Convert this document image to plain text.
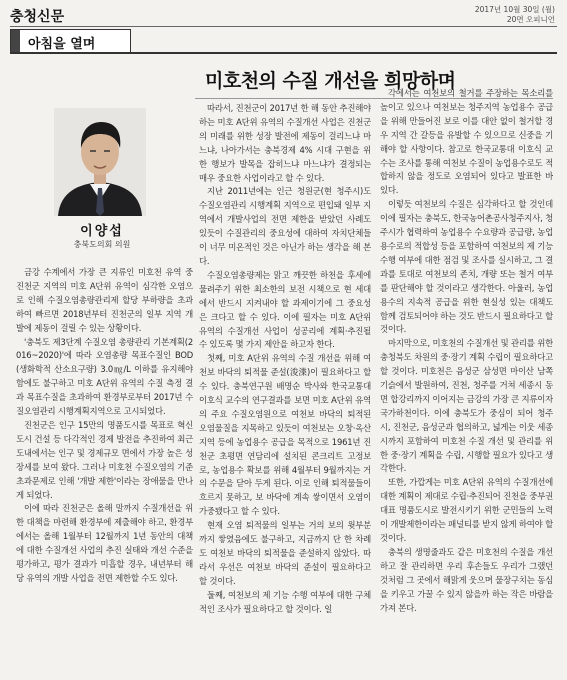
충청신문	2017년 10월 30일 (월)
20면 오피니언
아침을 열며
미호천의 수질 개선을 희망하며
이양섭
충북도의회 의원

금강 수계에서 가장 큰 지류인 미호천 유역 중 진천군 지역의 미호 A단위 유역이 심각한 오염으로 인해 수질오염총량관리제 할당 부하량을 초과하여 빠르면 2018년부터 진천군의 일부 지역 개발에 제동이 걸릴 수 있는 상황이다.

'충북도 제3단계 수질오염 총량관리 기본계획(2016~2020)'에 따라 오염총량 목표수질인 BOD(생화학적 산소요구량) 3.0㎎/L 이하를 유지해야 함에도 불구하고 미호 A단위 유역의 수질 측정 결과 목표수질을 초과하여 환경부로부터 2017년 수질오염관리 시행계획지역으로 고시되었다.

진천군은 인구 15만의 명품도시를 목표로 혁신도시 건설 등 다각적인 경제 발전을 추진하여 최근 도내에서는 인구 및 경제규모 면에서 가장 높은 성장세를 보여 왔다. 그러나 미호천 수질오염의 기준 초과문제로 인해 '개발 제한'이라는 장애물을 만나게 되었다.

이에 따라 진천군은 올해 말까지 수질개선을 위한 대책을 마련해 환경부에 제출해야 하고, 환경부에서는 올해 1월부터 12월까지 1년 동안의 대책에 대한 수질개선 사업의 추진 실태와 개선 수준을 평가하고, 평가 결과가 미흡할 경우, 내년부터 해당 유역의 개발 사업을 전면 제한할 수도 있다.

따라서, 진천군이 2017년 한 해 동안 추진해야 하는 미호 A단위 유역의 수질개선 사업은 진천군의 미래를 위한 성장 발전에 제동이 걸리느냐 마느냐, 나아가서는 충북경제 4% 시대 구현을 위한 행보가 발목을 잡히느냐 마느냐가 결정되는 매우 중요한 사업이라고 할 수 있다.

지난 2011년에는 인근 청원군(현 청주시)도 수질오염관리 시행계획 지역으로 편입돼 일부 지역에서 개발사업의 전면 제한을 받았던 사례도 있듯이 수질관리의 중요성에 대하여 자치단체들이 너무 미온적인 것은 아닌가 하는 생각을 해 본다.

수질오염총량제는 맑고 깨끗한 하천을 후세에 물려주기 위한 최소한의 보전 시책으로 현 세대에서 반드시 지켜내야 할 과제이기에 그 중요성은 크다고 할 수 있다. 이에 필자는 미호 A단위 유역의 수질개선 사업이 성공리에 계획·추진될 수 있도록 몇 가지 제안을 하고자 한다.

첫째, 미호 A단위 유역의 수질 개선을 위해 여천보 바닥의 퇴적물 준설(浚渫)이 필요하다고 할 수 있다. 충북연구원 배명순 박사와 한국교통대 이호식 교수의 연구결과를 보면 미호 A단위 유역의 주요 수질오염원으로 여천보 바닥의 퇴적된 오염물질을 지목하고 있듯이 여천보는 오창·옥산 지역 등에 농업용수 공급을 목적으로 1961년 진천군 초평면 연담리에 설치된 콘크리트 고정보로, 농업용수 확보를 위해 4월부터 9월까지는 거의 수문을 닫아 두게 된다. 이로 인해 퇴적물들이 흐르지 못하고, 보 바닥에 계속 쌓이면서 오염이 가중됐다고 할 수 있다.

현재 오염 퇴적물의 일부는 거의 보의 윗부분까지 쌓였음에도 불구하고, 지금까지 단 한 차례도 여천보 바닥의 퇴적물을 준설하지 않았다. 따라서 우선은 여천보 바닥의 준설이 필요하다고 할 것이다.

둘째, 여천보의 제 기능 수행 여부에 대한 구체적인 조사가 필요하다고 할 것이다. 일

각에서는 여천보의 철거를 주장하는 목소리를 높이고 있으나 여천보는 청주지역 농업용수 공급을 위해 만들어진 보로 이를 대안 없이 철거할 경우 지역 간 갈등을 유발할 수 있으므로 신중을 기해야 할 사항이다. 참고로 한국교통대 이호식 교수는 조사를 통해 여천보 수질이 농업용수로도 적합하지 않을 정도로 오염되어 있다고 발표한 바 있다.

이렇듯 여천보의 수질은 심각하다고 할 것인데 이에 필자는 충북도, 한국농어촌공사청주지사, 청주시가 협력하여 농업용수 수요량과 공급량, 농업용수로의 적합성 등을 포함하여 여천보의 제 기능 수행 여부에 대한 점검 및 조사를 실시하고, 그 결과를 토대로 여천보의 존치, 개량 또는 철거 여부를 판단해야 할 것이라고 생각한다. 아울러, 농업용수의 지속적 공급을 위한 현실성 있는 대책도 함께 검토되어야 하는 것도 반드시 필요하다고 할 것이다.

마지막으로, 미호천의 수질개선 및 관리를 위한 충청북도 차원의 중·장기 계획 수립이 필요하다고 할 것이다. 미호천은 음성군 삼성면 마이산 남쪽 기슭에서 발원하여, 진천, 청주를 거쳐 세종시 동면 합강리까지 이어지는 금강의 가장 큰 지류이자 국가하천이다. 이에 충북도가 중심이 되어 청주시, 진천군, 음성군과 협의하고, 넓게는 이웃 세종시까지 포함하여 미호천 수질 개선 및 관리를 위한 중·장기 계획을 수립, 시행할 필요가 있다고 생각한다.

또한, 가깝게는 미호 A단위 유역의 수질개선에 대한 계획이 제대로 수립·추진되어 진천을 중부권 대표 명품도시로 발전시키기 위한 군민들의 노력이 개발제한이라는 패널티를 받지 않게 하여야 할 것이다.

충북의 생명줄과도 같은 미호천의 수질을 개선하고 잘 관리하면 우리 후손들도 우리가 그랬던 것처럼 그 곳에서 해맑게 웃으며 물장구치는 동심을 키우고 가꿀 수 있지 않을까 하는 작은 바람을 가져 본다.
